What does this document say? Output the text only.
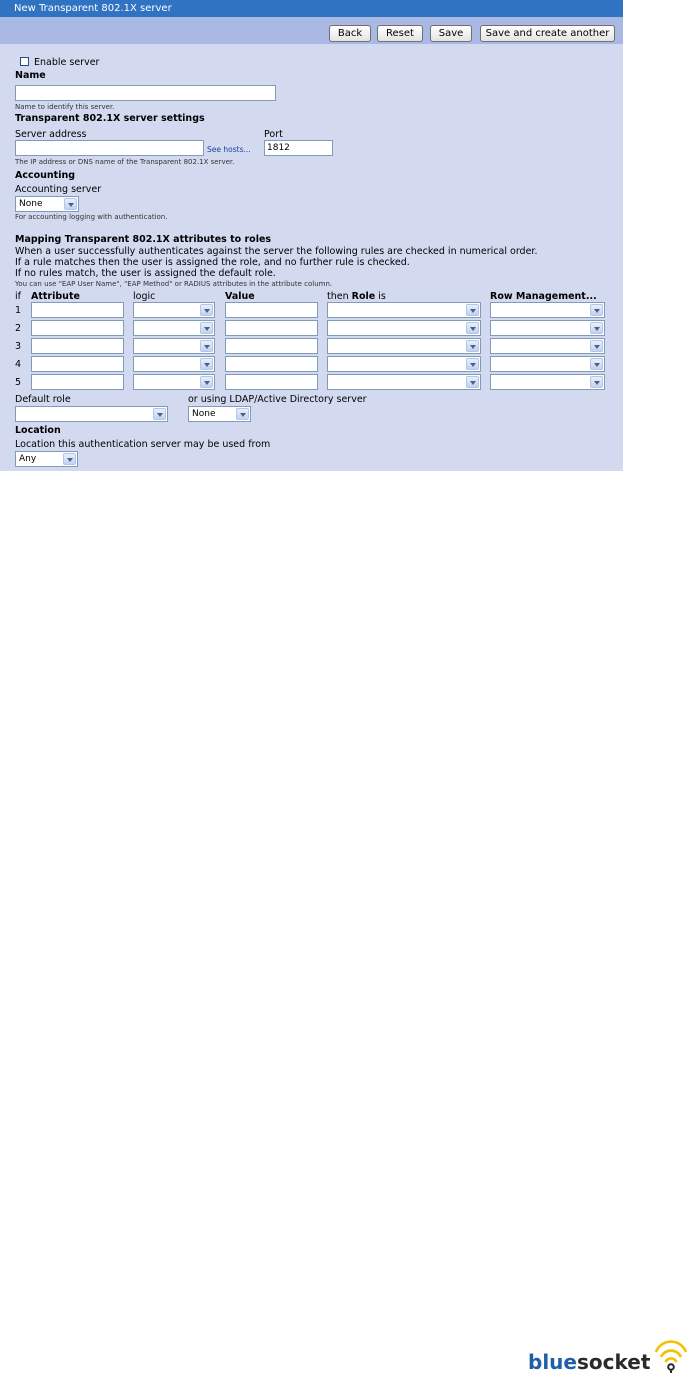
New Transparent 802.1X server
Back	Reset	Save	Save and create another
Enable server
Name
Name to identify this server.
Transparent 802.1X server settings
Server address
See hosts...
Port
1812
The IP address or DNS name of the Transparent 802.1X server.
Accounting
Accounting server
None
For accounting logging with authentication.
Mapping Transparent 802.1X attributes to roles
When a user successfully authenticates against the server the following rules are checked in numerical order.
If a rule matches then the user is assigned the role, and no further rule is checked.
If no rules match, the user is assigned the default role.
You can use "EAP User Name", "EAP Method" or RADIUS attributes in the attribute column.
if Attribute	logic	Value	then Role is	Row Management...
1
2
3
4
5
Default role	or using LDAP/Active Directory server
None
Location
Location this authentication server may be used from
Any
bluesocket
